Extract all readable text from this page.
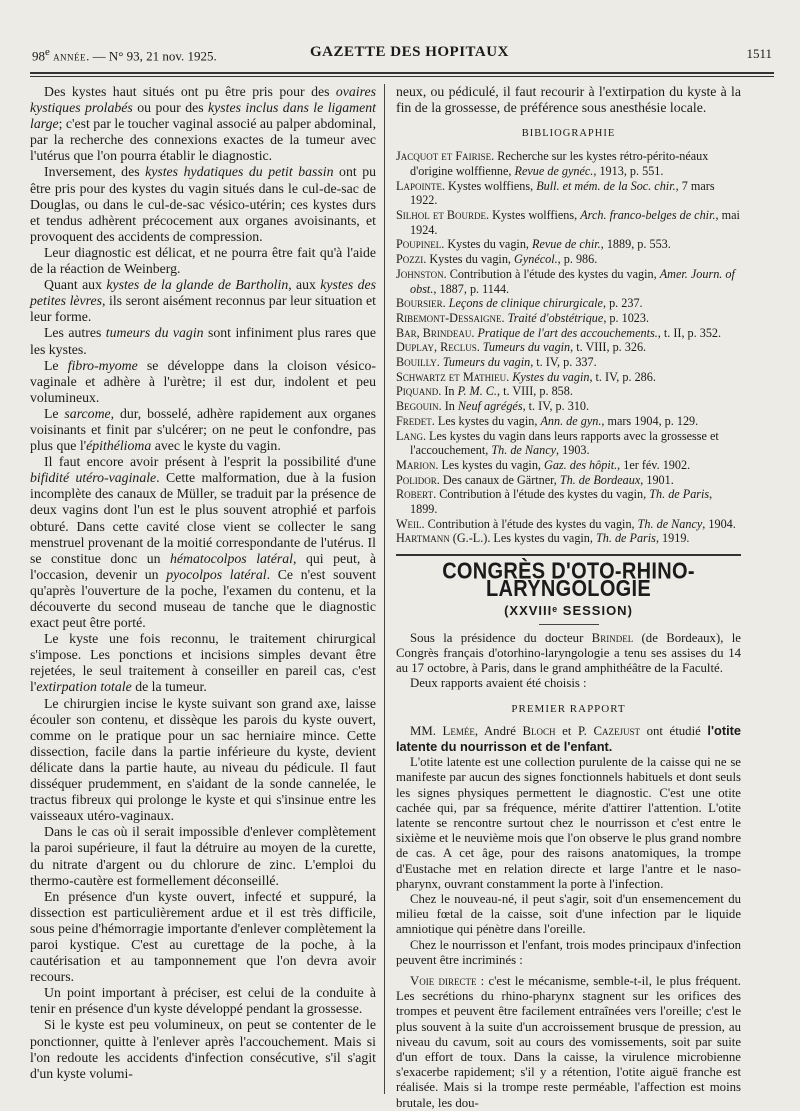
98e année. — N° 93, 21 nov. 1925.	GAZETTE DES HOPITAUX	1511

Des kystes haut situés ont pu être pris pour des ovaires kystiques prolabés ou pour des kystes inclus dans le ligament large; c'est par le toucher vaginal associé au palper abdominal, par la recherche des connexions exactes de la tumeur avec l'utérus que l'on pourra établir le diagnostic.

Inversement, des kystes hydatiques du petit bassin ont pu être pris pour des kystes du vagin situés dans le cul-de-sac de Douglas, ou dans le cul-de-sac vésico-utérin; ces kystes durs et tendus adhèrent précocement aux organes avoisinants, et provoquent des accidents de compression.

Leur diagnostic est délicat, et ne pourra être fait qu'à l'aide de la réaction de Weinberg.

Quant aux kystes de la glande de Bartholin, aux kystes des petites lèvres, ils seront aisément reconnus par leur situation et leur forme.

Les autres tumeurs du vagin sont infiniment plus rares que les kystes.

Le fibro-myome se développe dans la cloison vésico-vaginale et adhère à l'urètre; il est dur, indolent et peu volumineux.

Le sarcome, dur, bosselé, adhère rapidement aux organes voisinants et finit par s'ulcérer; on ne peut le confondre, pas plus que l'épithélioma avec le kyste du vagin.

Il faut encore avoir présent à l'esprit la possibilité d'une bifidité utéro-vaginale. Cette malformation, due à la fusion incomplète des canaux de Müller, se traduit par la présence de deux vagins dont l'un est le plus souvent atrophié et parfois obturé. Dans cette cavité close vient se collecter le sang menstruel provenant de la moitié correspondante de l'utérus. Il se constitue donc un hématocolpos latéral, qui peut, à l'occasion, devenir un pyocolpos latéral. Ce n'est souvent qu'après l'ouverture de la poche, l'examen du contenu, et la découverte du second museau de tanche que le diagnostic exact peut être porté.

Le kyste une fois reconnu, le traitement chirurgical s'impose. Les ponctions et incisions simples devant être rejetées, le seul traitement à conseiller en pareil cas, c'est l'extirpation totale de la tumeur.

Le chirurgien incise le kyste suivant son grand axe, laisse écouler son contenu, et dissèque les parois du kyste ouvert, comme on le pratique pour un sac herniaire mince. Cette dissection, facile dans la partie inférieure du kyste, devient délicate dans la partie haute, au niveau du pédicule. Il faut disséquer prudemment, en s'aidant de la sonde cannelée, le tractus fibreux qui prolonge le kyste et qui s'insinue entre les vaisseaux utéro-vaginaux.

Dans le cas où il serait impossible d'enlever complètement la paroi supérieure, il faut la détruire au moyen de la curette, du nitrate d'argent ou du chlorure de zinc. L'emploi du thermo-cautère est formellement déconseillé.

En présence d'un kyste ouvert, infecté et suppuré, la dissection est particulièrement ardue et il est très difficile, sous peine d'hémorragie importante d'enlever complètement la paroi kystique. C'est au curettage de la poche, à la cautérisation et au tamponnement que l'on devra avoir recours.

Un point important à préciser, est celui de la conduite à tenir en présence d'un kyste développé pendant la grossesse.

Si le kyste est peu volumineux, on peut se contenter de le ponctionner, quitte à l'enlever après l'accouchement. Mais si l'on redoute les accidents d'infection consécutive, s'il s'agit d'un kyste volumi-

neux, ou pédiculé, il faut recourir à l'extirpation du kyste à la fin de la grossesse, de préférence sous anesthésie locale.

BIBLIOGRAPHIE

Jacquot et Fairise. Recherche sur les kystes rétro-périto-néaux d'origine wolffienne, Revue de gynéc., 1913, p. 551.

Lapointe. Kystes wolffiens, Bull. et mém. de la Soc. chir., 7 mars 1922.

Silhol et Bourde. Kystes wolffiens, Arch. franco-belges de chir., mai 1924.

Poupinel. Kystes du vagin, Revue de chir., 1889, p. 553.

Pozzi. Kystes du vagin, Gynécol., p. 986.

Johnston. Contribution à l'étude des kystes du vagin, Amer. Journ. of obst., 1887, p. 1144.

Boursier. Leçons de clinique chirurgicale, p. 237.

Ribemont-Dessaigne. Traité d'obstétrique, p. 1023.

Bar, Brindeau. Pratique de l'art des accouchements., t. II, p. 352.

Duplay, Reclus. Tumeurs du vagin, t. VIII, p. 326.

Bouilly. Tumeurs du vagin, t. IV, p. 337.

Schwartz et Mathieu. Kystes du vagin, t. IV, p. 286.

Piquand. In P. M. C., t. VIII, p. 858.

Begouin. In Neuf agrégés, t. IV, p. 310.

Fredet. Les kystes du vagin, Ann. de gyn., mars 1904, p. 129.

Lang. Les kystes du vagin dans leurs rapports avec la grossesse et l'accouchement, Th. de Nancy, 1903.

Marion. Les kystes du vagin, Gaz. des hôpit., 1er fév. 1902.

Polidor. Des canaux de Gärtner, Th. de Bordeaux, 1901.

Robert. Contribution à l'étude des kystes du vagin, Th. de Paris, 1899.

Weil. Contribution à l'étude des kystes du vagin, Th. de Nancy, 1904.

Hartmann (G.-L.). Les kystes du vagin, Th. de Paris, 1919.

CONGRÈS D'OTO-RHINO-LARYNGOLOGIE
(XXVIIIᵉ SESSION)

Sous la présidence du docteur Brindel (de Bordeaux), le Congrès français d'otorhino-laryngologie a tenu ses assises du 14 au 17 octobre, à Paris, dans le grand amphithéâtre de la Faculté.

Deux rapports avaient été choisis :

PREMIER RAPPORT

MM. Lemée, André Bloch et P. Cazejust ont étudié l'otite latente du nourrisson et de l'enfant.

L'otite latente est une collection purulente de la caisse qui ne se manifeste par aucun des signes fonctionnels habituels et dont seuls les signes physiques permettent le diagnostic. C'est une otite cachée qui, par sa fréquence, mérite d'attirer l'attention. L'otite latente se rencontre surtout chez le nourrisson et c'est entre le sixième et le neuvième mois que l'on observe le plus grand nombre de cas. A cet âge, pour des raisons anatomiques, la trompe d'Eustache met en relation directe et large l'antre et le naso-pharynx, ouvrant constamment la porte à l'infection.

Chez le nouveau-né, il peut s'agir, soit d'un ensemencement du milieu fœtal de la caisse, soit d'une infection par le liquide amniotique qui pénètre dans l'oreille.

Chez le nourrisson et l'enfant, trois modes principaux d'infection peuvent être incriminés :

Voie directe : c'est le mécanisme, semble-t-il, le plus fréquent. Les secrétions du rhino-pharynx stagnent sur les orifices des trompes et peuvent être facilement entraînées vers l'oreille; c'est le plus souvent à la suite d'un accroissement brusque de pression, au niveau du cavum, soit au cours des vomissements, soit par suite d'un effort de toux. Dans la caisse, la virulence microbienne s'exacerbe rapidement; s'il y a rétention, l'otite aiguë franche est réalisée. Mais si la trompe reste perméable, l'affection est moins brutale, les dou-
